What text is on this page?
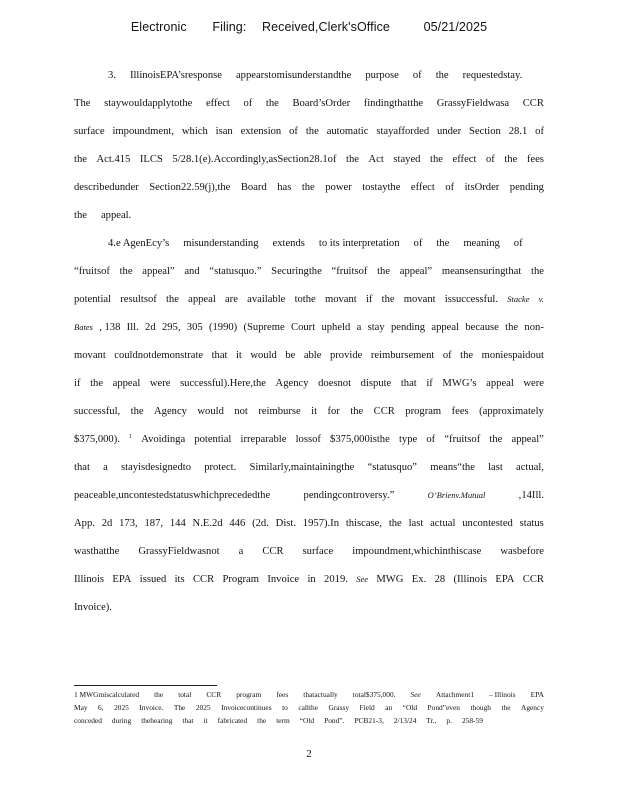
Electronic Filing: Received,Clerk'sOffice	05/21/2025
3. IllinoisEPA’sresponse appearstomisunderstandthe purpose of the requestedstay.
The staywouldapplytothe effect of the Board’sOrder findingthatthe GrassyFieldwasa CCR
surface impoundment, which isan extension of the automatic stayafforded under Section 28.1 of
the Act.415 ILCS 5/28.1(e).Accordingly,asSection28.1of the Act stayed the effect of the fees
describedunder Section22.59(j),the Board has the power tostaythe effect of itsOrder pending
the appeal.
4.e AgenEcy’s misunderstanding extends to its interpretation of the meaning of
“fruitsof the appeal” and “statusquo.” Securingthe “fruitsof the appeal” meansensuringthat the
potential resultsof the appeal are available tothe movant if the movant issuccessful. Stacke v.
Bates , 138 Ill. 2d 295, 305 (1990) (Supreme Court upheld a stay pending appeal because the non-
movant couldnotdemonstrate that it would be able provide reimbursement of the moniespaidout
if the appeal were successful).Here,the Agency doesnot dispute that if MWG’s appeal were
successful, the Agency would not reimburse it for the CCR program fees (approximately
$375,000). 1 Avoidinga potential irreparable lossof $375,000isthe type of “fruitsof the appeal”
that a stayisdesignedto protect. Similarly,maintainingthe “statusquo” means“the last actual,
peaceable,uncontestedstatuswhichprecededthe	pendingcontroversy.”	O’Brienv.Mutual	,14Ill.
App. 2d 173, 187, 144 N.E.2d 446 (2d. Dist. 1957).In thiscase, the last actual uncontested status
wasthatthe GrassyFieldwasnot a CCR surface impoundment,whichinthiscase wasbefore
Illinois EPA issued its CCR Program Invoice in 2019. See MWG Ex. 28 (Illinois EPA CCR
Invoice).
1 MWGmiscalculated the total CCR program fees thatactually total$375,000. See Attachment1 – Illinois EPA
May 6, 2025 Invoice. The 2025 Invoicecontinues to callthe Grassy Field an “Old Pond”even though the Agency
conceded during thehearing that it fabricated the term “Old Pond”. PCB21-3, 2/13/24 Tr., p. 258-59
2
